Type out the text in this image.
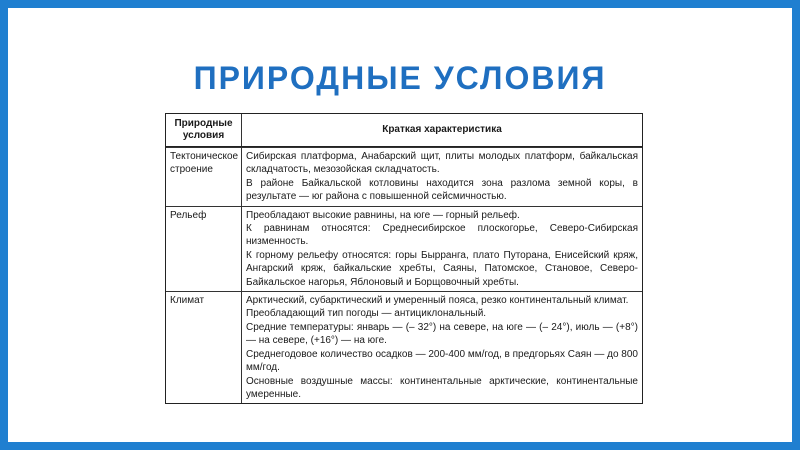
ПРИРОДНЫЕ УСЛОВИЯ
Природные условия
Краткая характеристика
Тектоническое строение
Сибирская платформа, Анабарский щит, плиты молодых платформ, байкальская складчатость, мезозойская складчатость.
В районе Байкальской котловины находится зона разлома земной коры, в результате — юг района с повышенной сейсмичностью.
Рельеф	Преобладают высокие равнины, на юге — горный рельеф.
К равнинам относятся: Среднесибирское плоскогорье, Северо-Сибирская низменность.
К горному рельефу относятся: горы Бырранга, плато Путорана, Енисейский кряж, Ангарский кряж, байкальские хребты, Саяны, Патомское, Становое, Северо-Байкальское нагорья, Яблоновый и Борщовочный хребты.
Климат	Арктический, субарктический и умеренный пояса, резко континентальный климат.
Преобладающий тип погоды — антициклональный.
Средние температуры: январь — (– 32°) на севере, на юге — (– 24°), июль — (+8°) — на севере, (+16°) — на юге.
Среднегодовое количество осадков — 200-400 мм/год, в предгорьях Саян — до 800 мм/год.
Основные воздушные массы: континентальные арктические, континентальные умеренные.
